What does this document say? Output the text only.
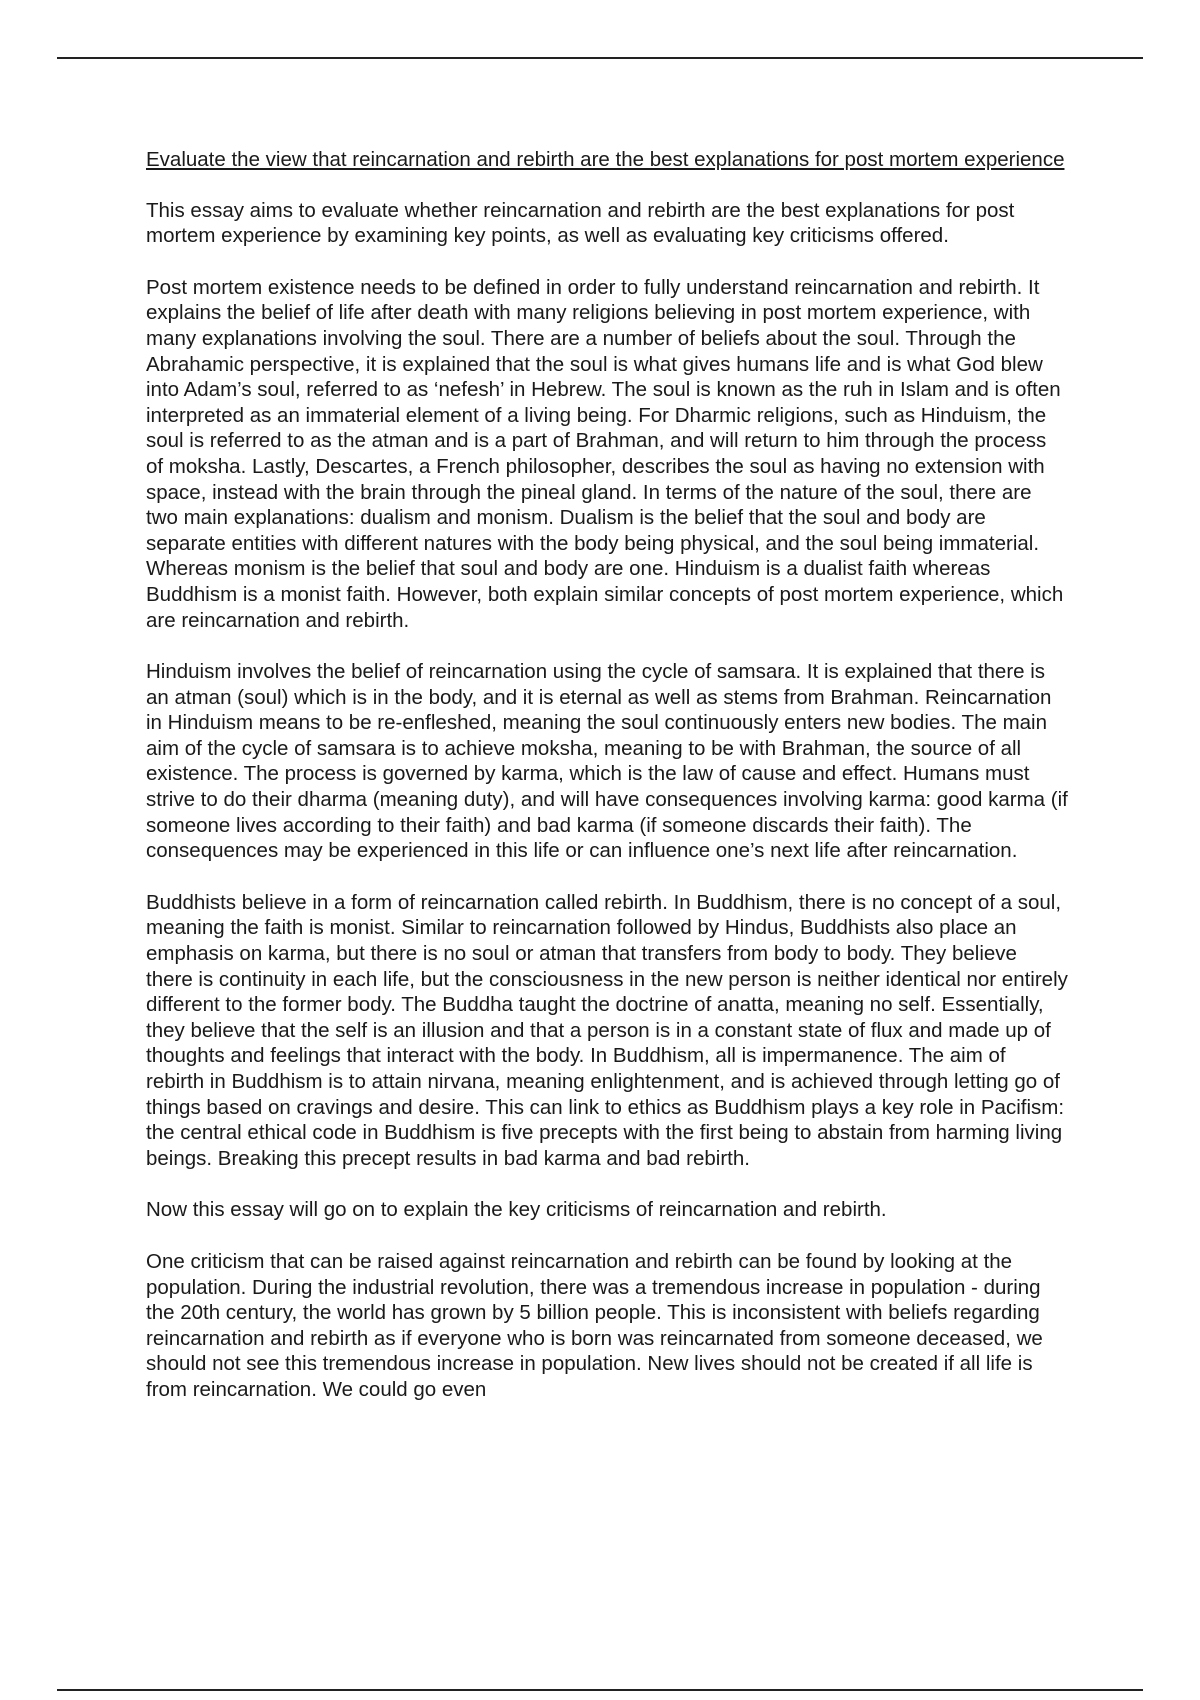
Evaluate the view that reincarnation and rebirth are the best explanations for post mortem experience

This essay aims to evaluate whether reincarnation and rebirth are the best explanations for post mortem experience by examining key points, as well as evaluating key criticisms offered.

Post mortem existence needs to be defined in order to fully understand reincarnation and rebirth. It explains the belief of life after death with many religions believing in post mortem experience, with many explanations involving the soul. There are a number of beliefs about the soul. Through the Abrahamic perspective, it is explained that the soul is what gives humans life and is what God blew into Adam’s soul, referred to as ‘nefesh’ in Hebrew. The soul is known as the ruh in Islam and is often interpreted as an immaterial element of a living being. For Dharmic religions, such as Hinduism, the soul is referred to as the atman and is a part of Brahman, and will return to him through the process of moksha. Lastly, Descartes, a French philosopher, describes the soul as having no extension with space, instead with the brain through the pineal gland. In terms of the nature of the soul, there are two main explanations: dualism and monism. Dualism is the belief that the soul and body are separate entities with different natures with the body being physical, and the soul being immaterial. Whereas monism is the belief that soul and body are one. Hinduism is a dualist faith whereas Buddhism is a monist faith. However, both explain similar concepts of post mortem experience, which are reincarnation and rebirth.

Hinduism involves the belief of reincarnation using the cycle of samsara. It is explained that there is an atman (soul) which is in the body, and it is eternal as well as stems from Brahman. Reincarnation in Hinduism means to be re-enfleshed, meaning the soul continuously enters new bodies. The main aim of the cycle of samsara is to achieve moksha, meaning to be with Brahman, the source of all existence. The process is governed by karma, which is the law of cause and effect. Humans must strive to do their dharma (meaning duty), and will have consequences involving karma: good karma (if someone lives according to their faith) and bad karma (if someone discards their faith). The consequences may be experienced in this life or can influence one’s next life after reincarnation.

Buddhists believe in a form of reincarnation called rebirth. In Buddhism, there is no concept of a soul, meaning the faith is monist. Similar to reincarnation followed by Hindus, Buddhists also place an emphasis on karma, but there is no soul or atman that transfers from body to body. They believe there is continuity in each life, but the consciousness in the new person is neither identical nor entirely different to the former body. The Buddha taught the doctrine of anatta, meaning no self. Essentially, they believe that the self is an illusion and that a person is in a constant state of flux and made up of thoughts and feelings that interact with the body. In Buddhism, all is impermanence. The aim of rebirth in Buddhism is to attain nirvana, meaning enlightenment, and is achieved through letting go of things based on cravings and desire. This can link to ethics as Buddhism plays a key role in Pacifism: the central ethical code in Buddhism is five precepts with the first being to abstain from harming living beings. Breaking this precept results in bad karma and bad rebirth.

Now this essay will go on to explain the key criticisms of reincarnation and rebirth.

One criticism that can be raised against reincarnation and rebirth can be found by looking at the population. During the industrial revolution, there was a tremendous increase in population - during the 20th century, the world has grown by 5 billion people. This is inconsistent with beliefs regarding reincarnation and rebirth as if everyone who is born was reincarnated from someone deceased, we should not see this tremendous increase in population. New lives should not be created if all life is from reincarnation. We could go even
